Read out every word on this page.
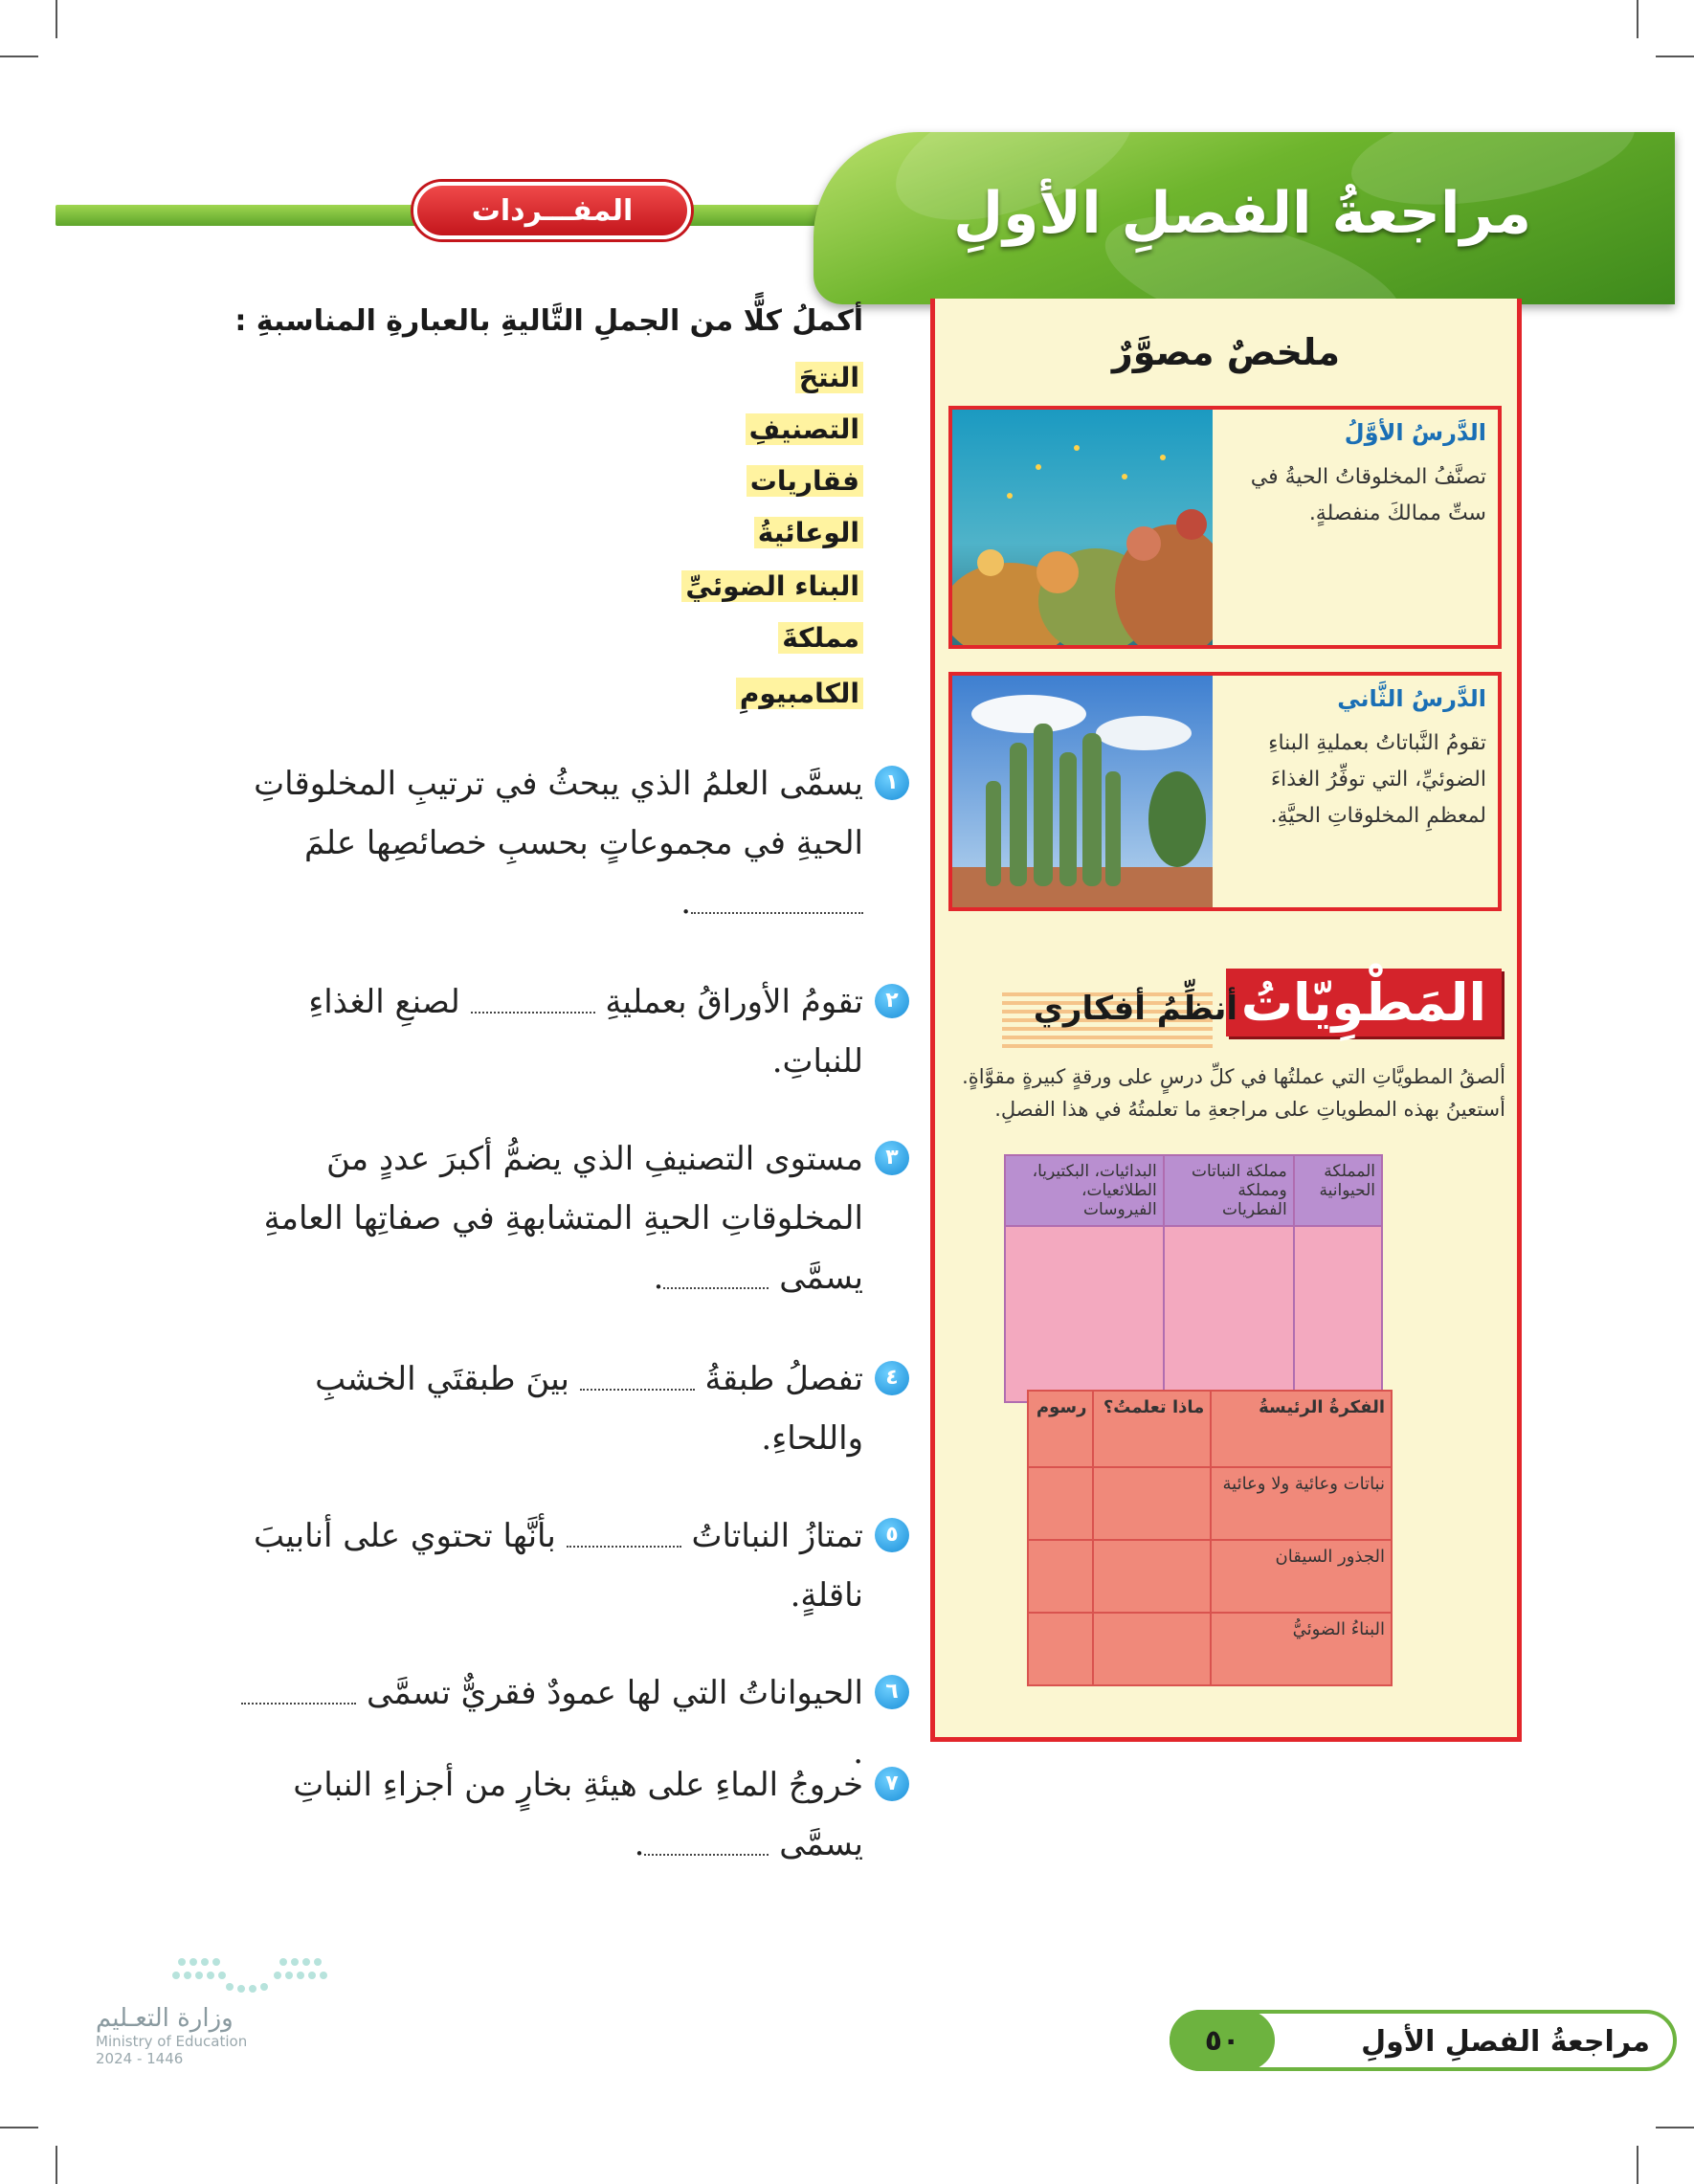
المفـــردات	مراجعةُ الفصلِ الأولِ
ملخصٌ مصوَّرٌ
الدَّرسُ الأوَّلُ
تصنَّفُ المخلوقاتُ الحيةُ في ستِّ ممالكَ منفصلةٍ.
الدَّرسُ الثَّاني
تقومُ النَّباتاتُ بعمليةِ البناءِ الضوئيِّ، التي توفِّرُ الغذاءَ لمعظمِ المخلوقاتِ الحيَّةِ.
المَطْوِيّاتُ
أنظِّمُ أفكاري
ألصقُ المطويَّاتِ التي عملتُها في كلِّ درسٍ على ورقةٍ كبيرةٍ مقوَّاةٍ. أستعينُ بهذه المطوياتِ على مراجعةِ ما تعلمتُهُ في هذا الفصلِ.
المملكة الحيوانية	مملكة النباتات ومملكة الفطريات	البدائيات، البكتيريا، الطلائعيات، الفيروسات

الفكرةُ الرئيسةُ	ماذا تعلمتُ؟	رسوم
نباتات وعائية ولا وعائية		
الجذور السيقان		
البناءُ الضوئيُّ		
أكملُ كلًّا من الجملِ التَّاليةِ بالعبارةِ المناسبةِ :
النتحَ
التصنيفِ
فقاريات
الوعائيةُ
البناء الضوئيِّ
مملكةَ
الكامبيومِ
١
يسمَّى العلمُ الذي يبحثُ في ترتيبِ المخلوقاتِ الحيةِ في مجموعاتٍ بحسبِ خصائصِها علمَ
.
٢
تقومُ الأوراقُ بعمليةِ  لصنعِ الغذاءِ للنباتِ.
٣
مستوى التصنيفِ الذي يضمُّ أكبرَ عددٍ منَ المخلوقاتِ الحيةِ المتشابهةِ في صفاتِها العامةِ يسمَّى .
٤
تفصلُ طبقةُ  بينَ طبقتَي الخشبِ واللحاءِ.
٥
تمتازُ النباتاتُ  بأنَّها تحتوي على أنابيبَ ناقلةٍ.
٦
الحيواناتُ التي لها عمودٌ فقريٌّ تسمَّى .
٧
خروجُ الماءِ على هيئةِ بخارٍ من أجزاءِ النباتِ يسمَّى .
وزارة التعـليم
Ministry of Education
2024 - 1446
٥٠	مراجعةُ الفصلِ الأولِ
